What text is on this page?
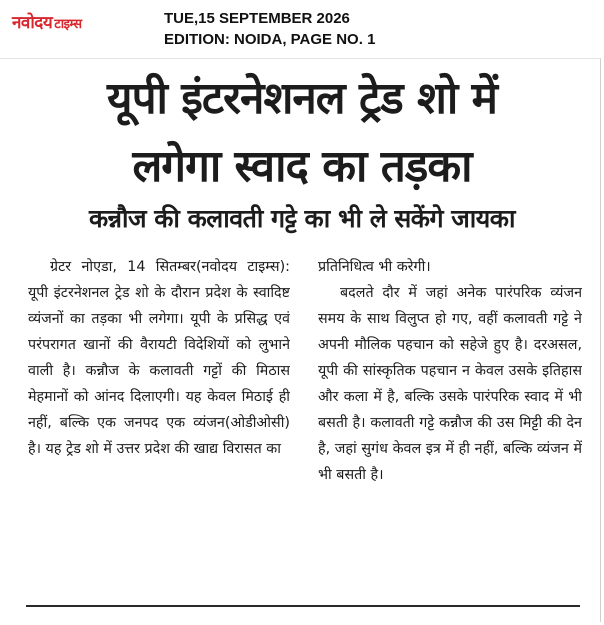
नवोदय टाइम्स	TUE,15 SEPTEMBER 2026
EDITION: NOIDA, PAGE NO. 1
यूपी इंटरनेशनल ट्रेड शो में
लगेगा स्वाद का तड़का
कन्नौज की कलावती गट्टे का भी ले सकेंगे जायका

ग्रेटर नोएडा, 14 सितम्बर(नवोदय टाइम्स): यूपी इंटरनेशनल ट्रेड शो के दौरान प्रदेश के स्वादिष्ट व्यंजनों का तड़का भी लगेगा। यूपी के प्रसिद्ध एवं परंपरागत खानों की वैरायटी विदेशियों को लुभाने वाली है। कन्नौज के कलावती गट्टों की मिठास मेहमानों को आंनद दिलाएगी। यह केवल मिठाई ही नहीं, बल्कि एक जनपद एक व्यंजन(ओडीओसी) है। यह ट्रेड शो में उत्तर प्रदेश की खाद्य विरासत का

प्रतिनिधित्व भी करेगी।

बदलते दौर में जहां अनेक पारंपरिक व्यंजन समय के साथ विलुप्त हो गए, वहीं कलावती गट्टे ने अपनी मौलिक पहचान को सहेजे हुए है। दरअसल, यूपी की सांस्कृतिक पहचान न केवल उसके इतिहास और कला में है, बल्कि उसके पारंपरिक स्वाद में भी बसती है। कलावती गट्टे कन्नौज की उस मिट्टी की देन है, जहां सुगंध केवल इत्र में ही नहीं, बल्कि व्यंजन में भी बसती है।
